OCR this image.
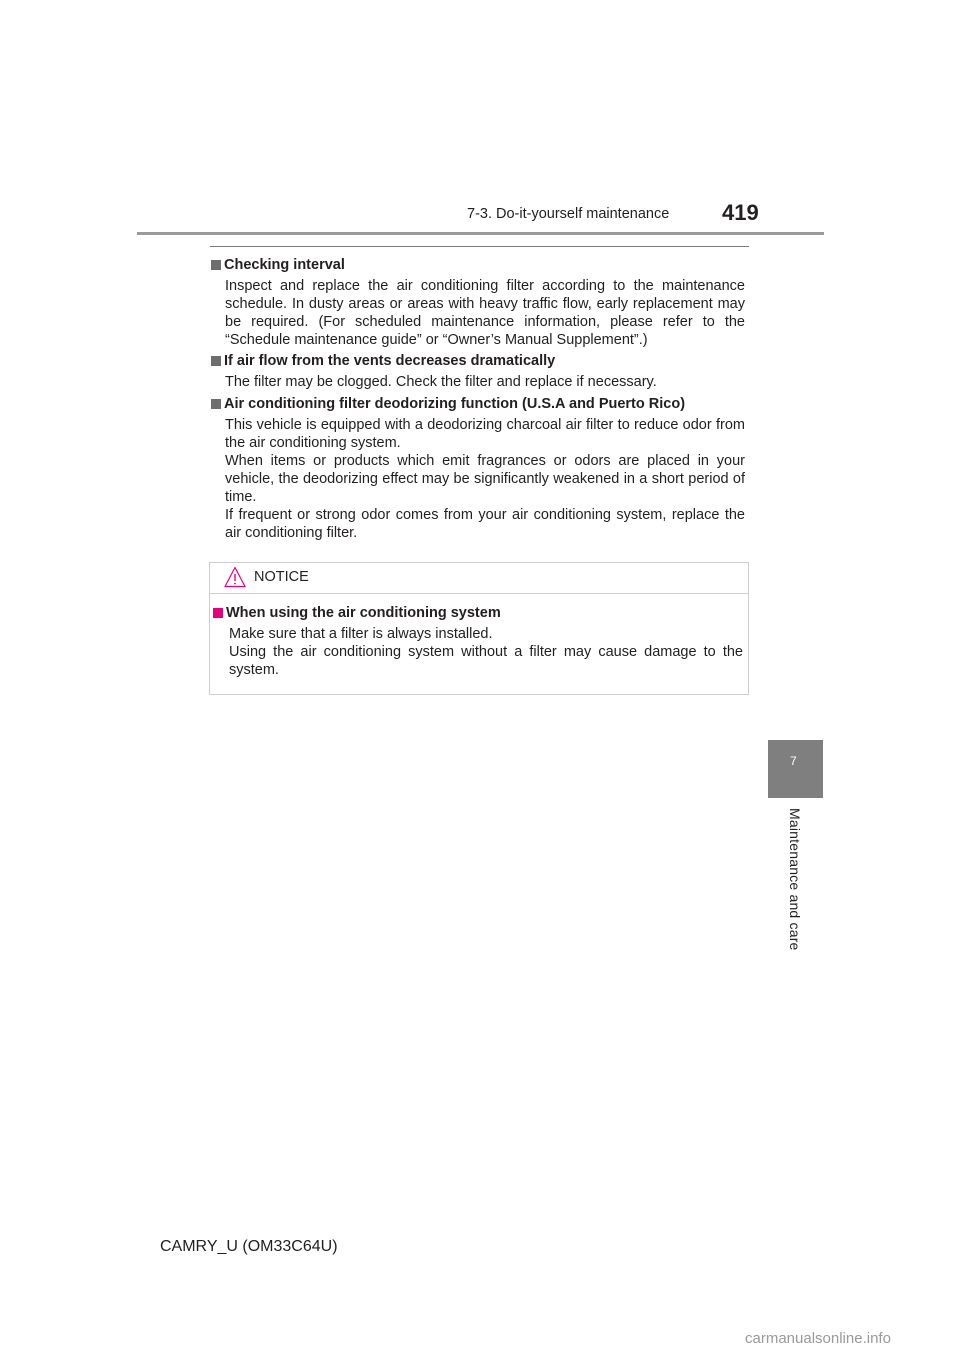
7-3. Do-it-yourself maintenance 419
Checking interval
Inspect and replace the air conditioning filter according to the maintenance schedule. In dusty areas or areas with heavy traffic flow, early replacement may be required. (For scheduled maintenance information, please refer to the “Schedule maintenance guide” or “Owner’s Manual Supplement”.)
If air flow from the vents decreases dramatically
The filter may be clogged. Check the filter and replace if necessary.
Air conditioning filter deodorizing function (U.S.A and Puerto Rico)
This vehicle is equipped with a deodorizing charcoal air filter to reduce odor from the air conditioning system.
When items or products which emit fragrances or odors are placed in your vehicle, the deodorizing effect may be significantly weakened in a short period of time.
If frequent or strong odor comes from your air conditioning system, replace the air conditioning filter.
NOTICE
When using the air conditioning system
Make sure that a filter is always installed.
Using the air conditioning system without a filter may cause damage to the system.
7
Maintenance and care
CAMRY_U (OM33C64U)
carmanualsonline.info
